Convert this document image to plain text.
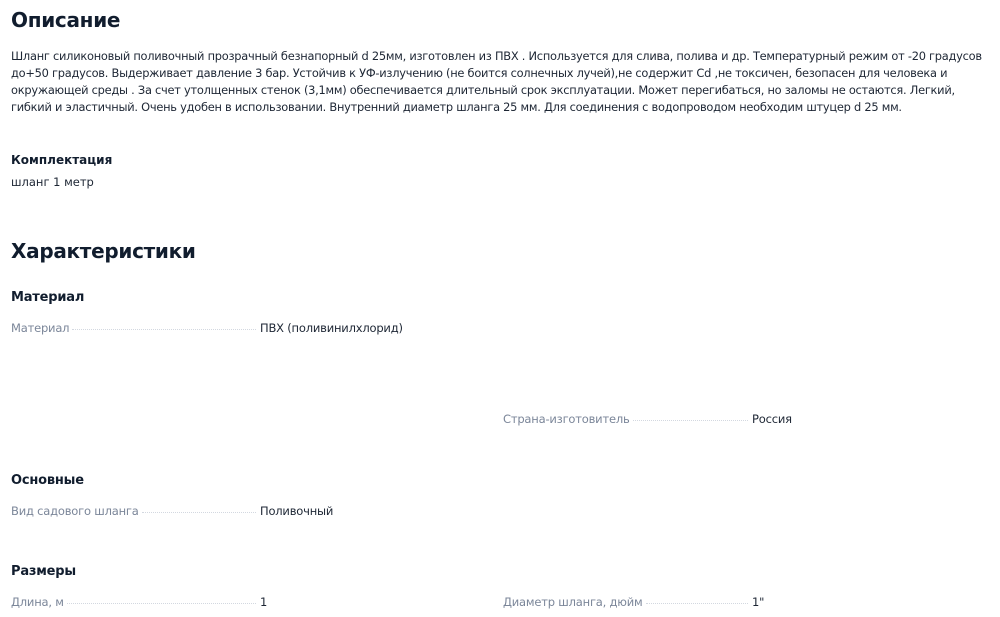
Описание

Шланг силиконовый поливочный прозрачный безнапорный d 25мм, изготовлен из ПВХ . Используется для слива, полива и др. Температурный режим от -20 градусов до+50 градусов. Выдерживает давление 3 бар. Устойчив к УФ-излучению (не боится солнечных лучей),не содержит Cd ,не токсичен, безопасен для человека и окружающей среды . За счет утолщенных стенок (3,1мм) обеспечивается длительный срок эксплуатации. Может перегибаться, но заломы не остаются. Легкий, гибкий и эластичный. Очень удобен в использовании. Внутренний диаметр шланга 25 мм. Для соединения с водопроводом необходим штуцер d 25 мм.

Комплектация
шланг 1 метр
Характеристики
Материал
Материал	ПВХ (поливинилхлорид)
Страна-изготовитель	Россия
Основные
Вид садового шланга	Поливочный
Размеры
Длина, м	1	Диаметр шланга, дюйм	1"
